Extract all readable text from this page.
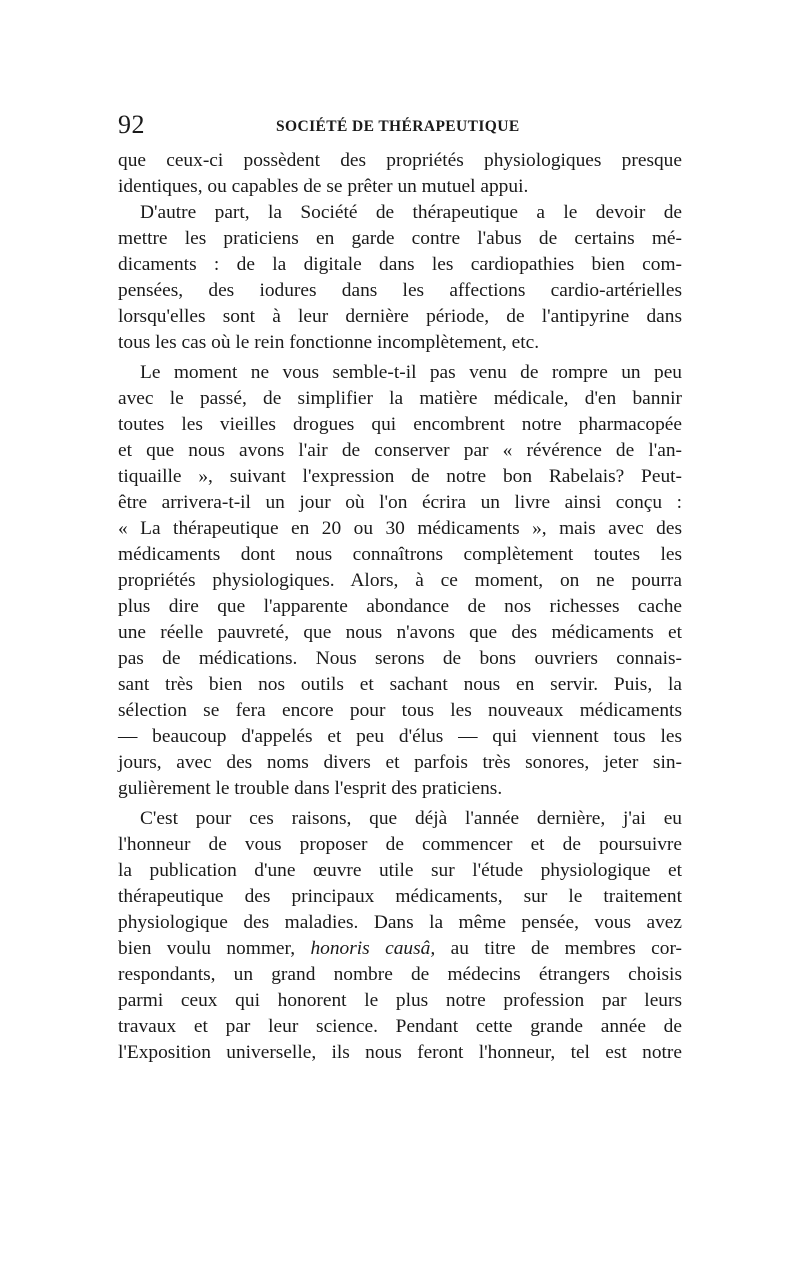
92	SOCIÉTÉ DE THÉRAPEUTIQUE
que ceux-ci possèdent des propriétés physiologiques presque
identiques, ou capables de se prêter un mutuel appui.
D'autre part, la Société de thérapeutique a le devoir de
mettre les praticiens en garde contre l'abus de certains mé-
dicaments : de la digitale dans les cardiopathies bien com-
pensées, des iodures dans les affections cardio-artérielles
lorsqu'elles sont à leur dernière période, de l'antipyrine dans
tous les cas où le rein fonctionne incomplètement, etc.
Le moment ne vous semble-t-il pas venu de rompre un peu
avec le passé, de simplifier la matière médicale, d'en bannir
toutes les vieilles drogues qui encombrent notre pharmacopée
et que nous avons l'air de conserver par « révérence de l'an-
tiquaille », suivant l'expression de notre bon Rabelais? Peut-
être arrivera-t-il un jour où l'on écrira un livre ainsi conçu :
« La thérapeutique en 20 ou 30 médicaments », mais avec des
médicaments dont nous connaîtrons complètement toutes les
propriétés physiologiques. Alors, à ce moment, on ne pourra
plus dire que l'apparente abondance de nos richesses cache
une réelle pauvreté, que nous n'avons que des médicaments et
pas de médications. Nous serons de bons ouvriers connais-
sant très bien nos outils et sachant nous en servir. Puis, la
sélection se fera encore pour tous les nouveaux médicaments
— beaucoup d'appelés et peu d'élus — qui viennent tous les
jours, avec des noms divers et parfois très sonores, jeter sin-
gulièrement le trouble dans l'esprit des praticiens.
C'est pour ces raisons, que déjà l'année dernière, j'ai eu
l'honneur de vous proposer de commencer et de poursuivre
la publication d'une œuvre utile sur l'étude physiologique et
thérapeutique des principaux médicaments, sur le traitement
physiologique des maladies. Dans la même pensée, vous avez
bien voulu nommer, honoris causâ, au titre de membres cor-
respondants, un grand nombre de médecins étrangers choisis
parmi ceux qui honorent le plus notre profession par leurs
travaux et par leur science. Pendant cette grande année de
l'Exposition universelle, ils nous feront l'honneur, tel est notre
